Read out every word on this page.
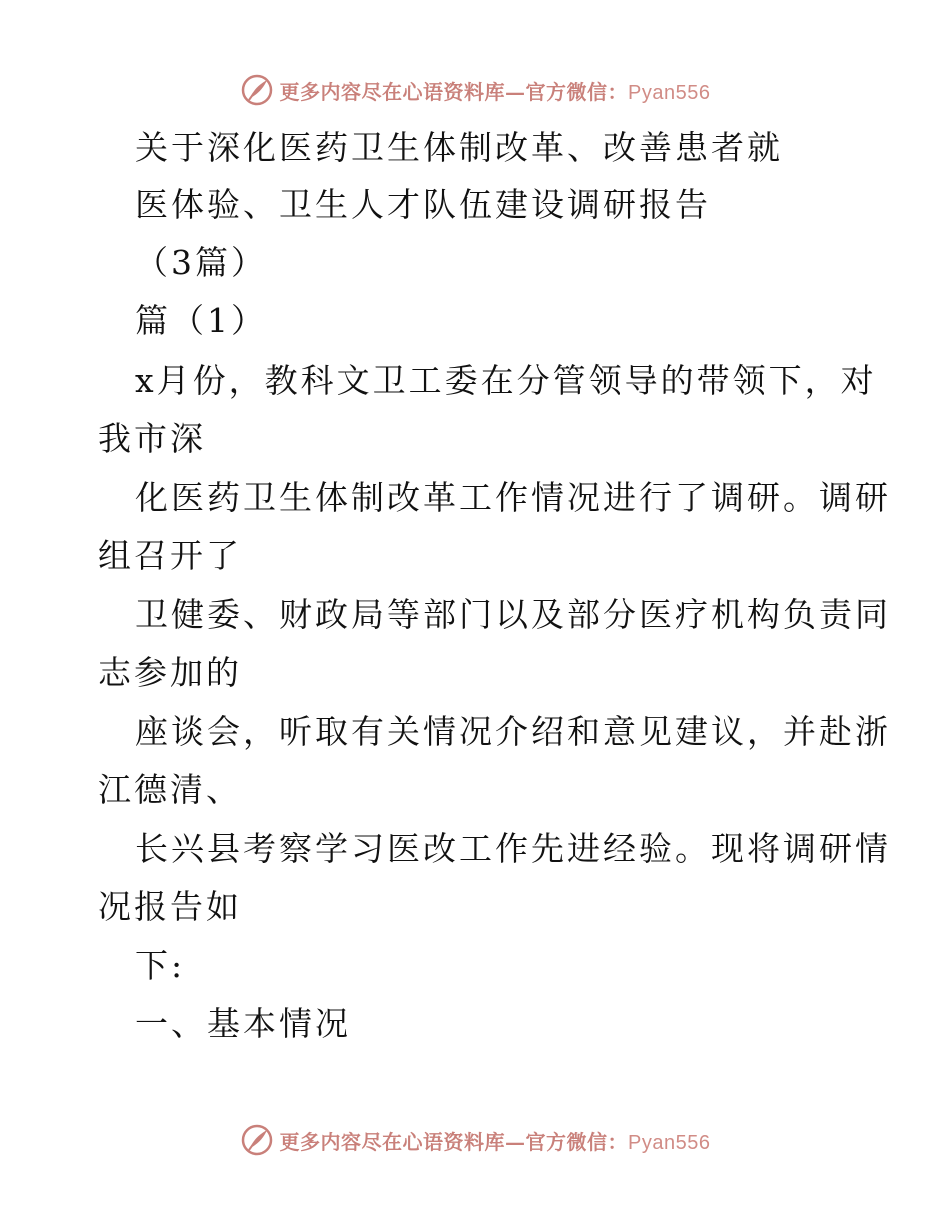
更多内容尽在心语资料库—官方微信：Pyan556
关于深化医药卫生体制改革、改善患者就
医体验、卫生人才队伍建设调研报告
（3篇）
篇（1）
x月份，教科文卫工委在分管领导的带领下，对
我市深
化医药卫生体制改革工作情况进行了调研。调研
组召开了
卫健委、财政局等部门以及部分医疗机构负责同
志参加的
座谈会，听取有关情况介绍和意见建议，并赴浙
江德清、
长兴县考察学习医改工作先进经验。现将调研情
况报告如
下:
一、基本情况
更多内容尽在心语资料库—官方微信：Pyan556
